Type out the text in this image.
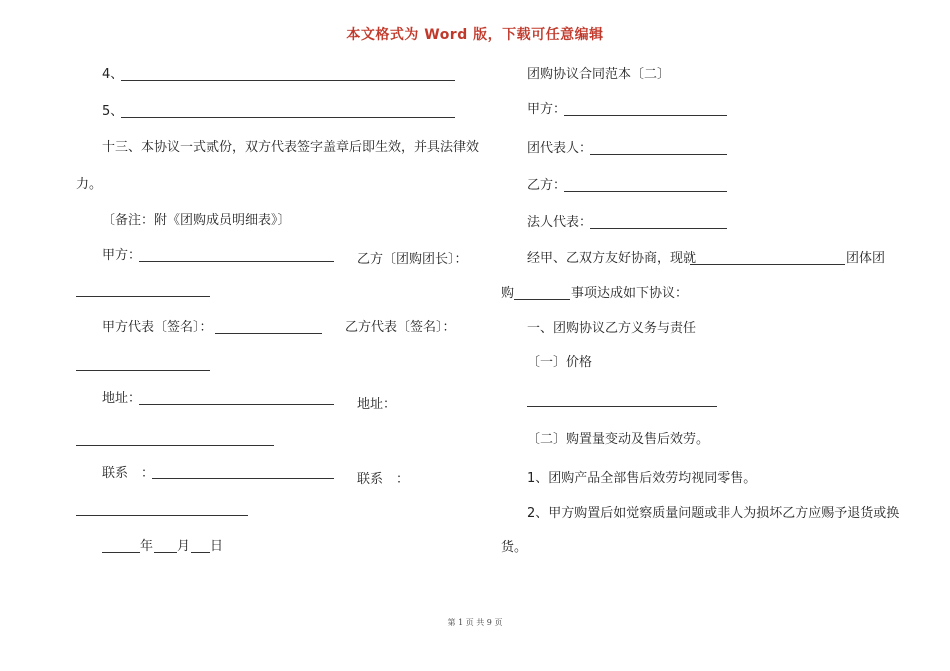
本文格式为 Word 版，下载可任意编辑
4、
5、
十三、本协议一式贰份，双方代表签字盖章后即生效，并具法律效
力。
〔备注：附《团购成员明细表》〕
甲方：	乙方〔团购团长〕：
甲方代表〔签名〕：	乙方代表〔签名〕：
地址：	地址：
联系　：	联系　：
年 月 日
团购协议合同范本〔二〕
甲方：
团代表人：
乙方：
法人代表：
经甲、乙双方友好协商，现就	团体团
购	事项达成如下协议：
一、团购协议乙方义务与责任
〔一〕价格
〔二〕购置量变动及售后效劳。
1、团购产品全部售后效劳均视同零售。
2、甲方购置后如觉察质量问题或非人为损坏乙方应赐予退货或换
货。
第 1 页 共 9 页
